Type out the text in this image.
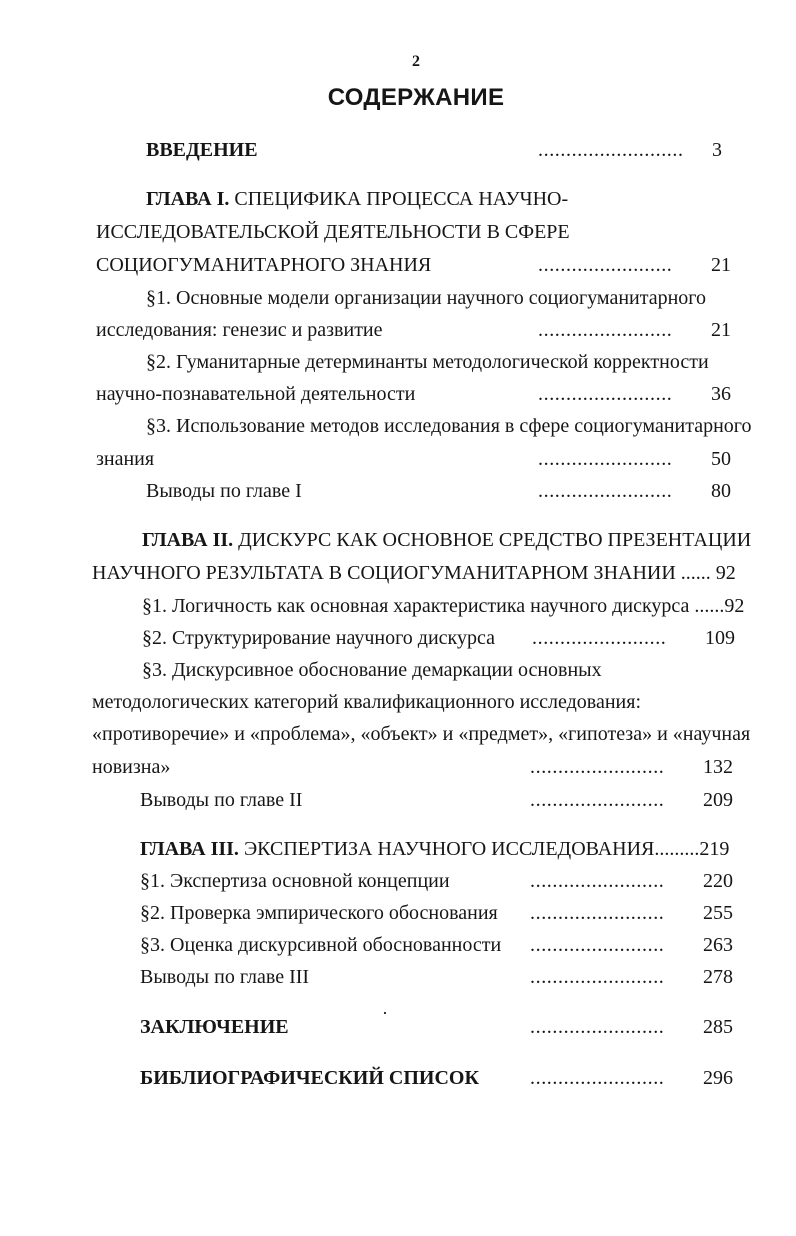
2
СОДЕРЖАНИЕ
ВВЕДЕНИЕ	.......................... 3
ГЛАВА I. СПЕЦИФИКА ПРОЦЕССА НАУЧНО-
ИССЛЕДОВАТЕЛЬСКОЙ ДЕЯТЕЛЬНОСТИ В СФЕРЕ
СОЦИОГУМАНИТАРНОГО ЗНАНИЯ	........................ 21
§1. Основные модели организации научного социогуманитарного
исследования: генезис и развитие	........................ 21
§2. Гуманитарные детерминанты методологической корректности
научно-познавательной деятельности	........................ 36
§3. Использование методов исследования в сфере социогуманитарного
знания	........................ 50
Выводы по главе I	........................ 80
ГЛАВА II. ДИСКУРС КАК ОСНОВНОЕ СРЕДСТВО ПРЕЗЕНТАЦИИ
НАУЧНОГО РЕЗУЛЬТАТА В СОЦИОГУМАНИТАРНОМ ЗНАНИИ ...... 92
§1. Логичность как основная характеристика научного дискурса ......92
§2. Структурирование научного дискурса ........................ 109
§3. Дискурсивное обоснование демаркации основных
методологических категорий квалификационного исследования:
«противоречие» и «проблема», «объект» и «предмет», «гипотеза» и «научная
новизна»	........................ 132
Выводы по главе II	........................ 209
ГЛАВА III. ЭКСПЕРТИЗА НАУЧНОГО ИССЛЕДОВАНИЯ.........219
§1. Экспертиза основной концепции	........................ 220
§2. Проверка эмпирического обоснования ........................ 255
§3. Оценка дискурсивной обоснованности ........................ 263
Выводы по главе III	........................ 278
ЗАКЛЮЧЕНИЕ	........................ 285
БИБЛИОГРАФИЧЕСКИЙ СПИСОК	........................ 296
